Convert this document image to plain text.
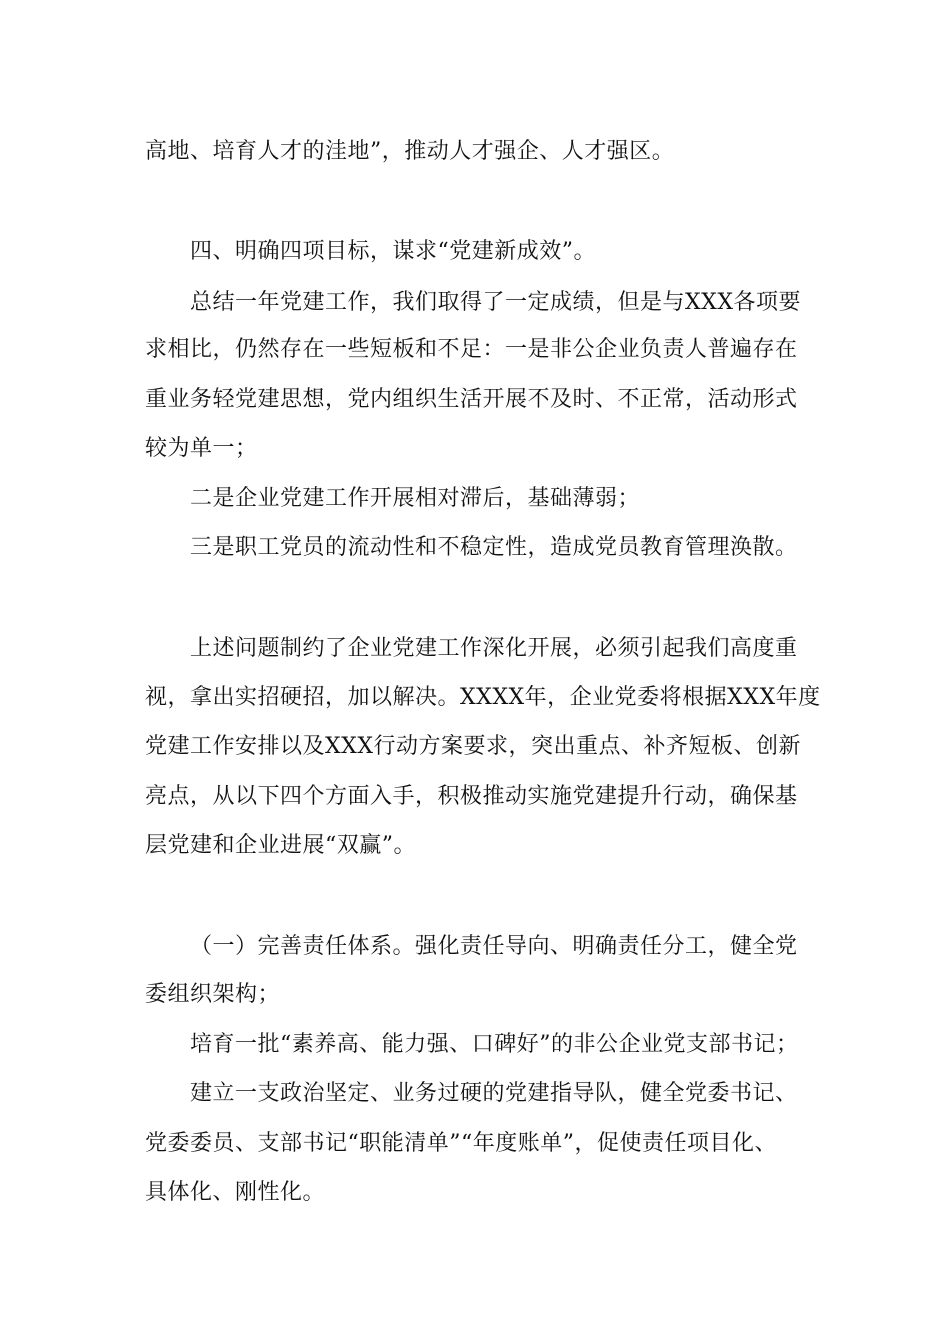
高地、培育人才的洼地”，推动人才强企、人才强区。
四、明确四项目标，谋求“党建新成效”。
总结一年党建工作，我们取得了一定成绩，但是与XXX各项要
求相比，仍然存在一些短板和不足：一是非公企业负责人普遍存在
重业务轻党建思想，党内组织生活开展不及时、不正常，活动形式
较为单一；
二是企业党建工作开展相对滞后，基础薄弱；
三是职工党员的流动性和不稳定性，造成党员教育管理涣散。
上述问题制约了企业党建工作深化开展，必须引起我们高度重
视，拿出实招硬招，加以解决。XXXX年，企业党委将根据XXX年度
党建工作安排以及XXX行动方案要求，突出重点、补齐短板、创新
亮点，从以下四个方面入手，积极推动实施党建提升行动，确保基
层党建和企业进展“双赢”。
（一）完善责任体系。强化责任导向、明确责任分工，健全党
委组织架构；
培育一批“素养高、能力强、口碑好”的非公企业党支部书记；
建立一支政治坚定、业务过硬的党建指导队，健全党委书记、
党委委员、支部书记“职能清单”“年度账单”，促使责任项目化、
具体化、刚性化。
